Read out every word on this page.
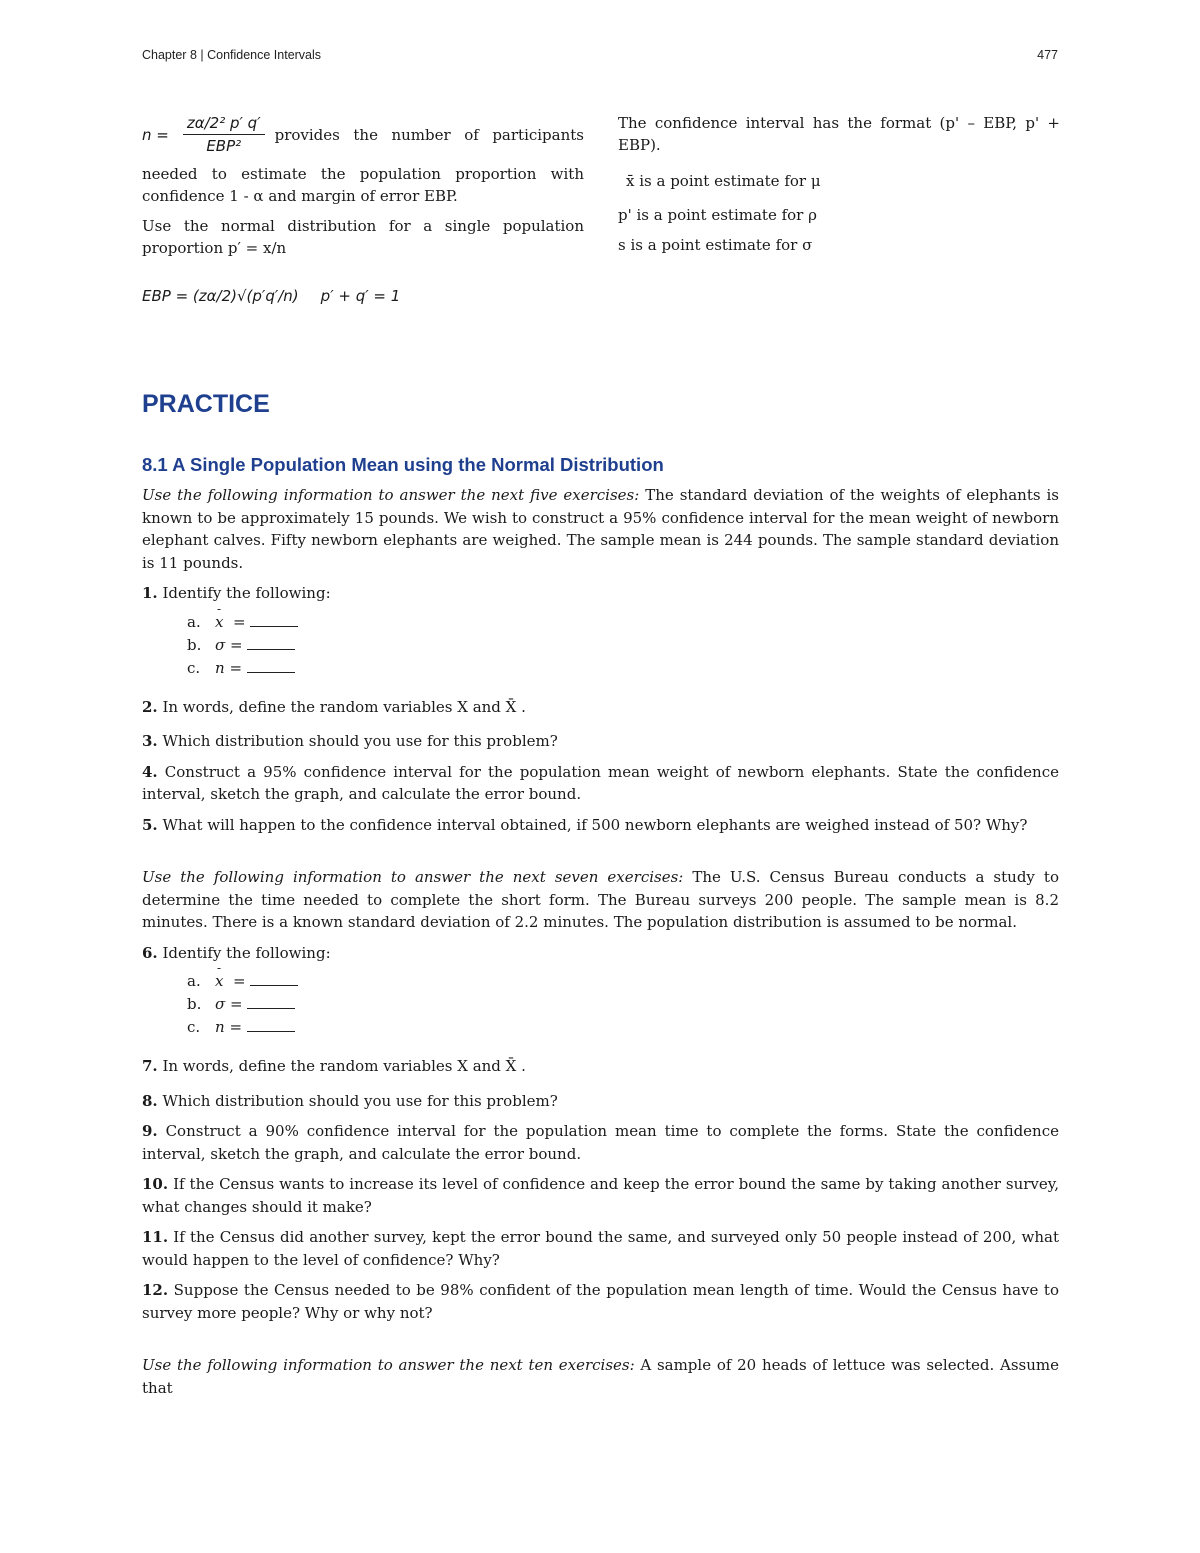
Chapter 8 | Confidence Intervals	477
$n = \frac{\text{zα/2² p′ q′}}{\text{EBP²}}$ provides the number of participants

needed to estimate the population proportion with confidence 1 - α and margin of error EBP.

Use the normal distribution for a single population proportion p′ = x/n

EBP = (zα/2)√(p′q′/n) p′ + q′ = 1

The confidence interval has the format (p' – EBP, p' + EBP).

x̄ is a point estimate for μ

p' is a point estimate for ρ

s is a point estimate for σ

PRACTICE
8.1 A Single Population Mean using the Normal Distribution

Use the following information to answer the next five exercises: The standard deviation of the weights of elephants is known to be approximately 15 pounds. We wish to construct a 95% confidence interval for the mean weight of newborn elephant calves. Fifty newborn elephants are weighed. The sample mean is 244 pounds. The sample standard deviation is 11 pounds.

1. Identify the following:

a. - x  =
b. σ =
c. n =

2. In words, define the random variables X and X̄ .

3. Which distribution should you use for this problem?

4. Construct a 95% confidence interval for the population mean weight of newborn elephants. State the confidence interval, sketch the graph, and calculate the error bound.

5. What will happen to the confidence interval obtained, if 500 newborn elephants are weighed instead of 50? Why?

Use the following information to answer the next seven exercises: The U.S. Census Bureau conducts a study to determine the time needed to complete the short form. The Bureau surveys 200 people. The sample mean is 8.2 minutes. There is a known standard deviation of 2.2 minutes. The population distribution is assumed to be normal.

6. Identify the following:

a. - x  =
b. σ =
c. n =

7. In words, define the random variables X and X̄ .

8. Which distribution should you use for this problem?

9. Construct a 90% confidence interval for the population mean time to complete the forms. State the confidence interval, sketch the graph, and calculate the error bound.

10. If the Census wants to increase its level of confidence and keep the error bound the same by taking another survey, what changes should it make?

11. If the Census did another survey, kept the error bound the same, and surveyed only 50 people instead of 200, what would happen to the level of confidence? Why?

12. Suppose the Census needed to be 98% confident of the population mean length of time. Would the Census have to survey more people? Why or why not?

Use the following information to answer the next ten exercises: A sample of 20 heads of lettuce was selected. Assume that
